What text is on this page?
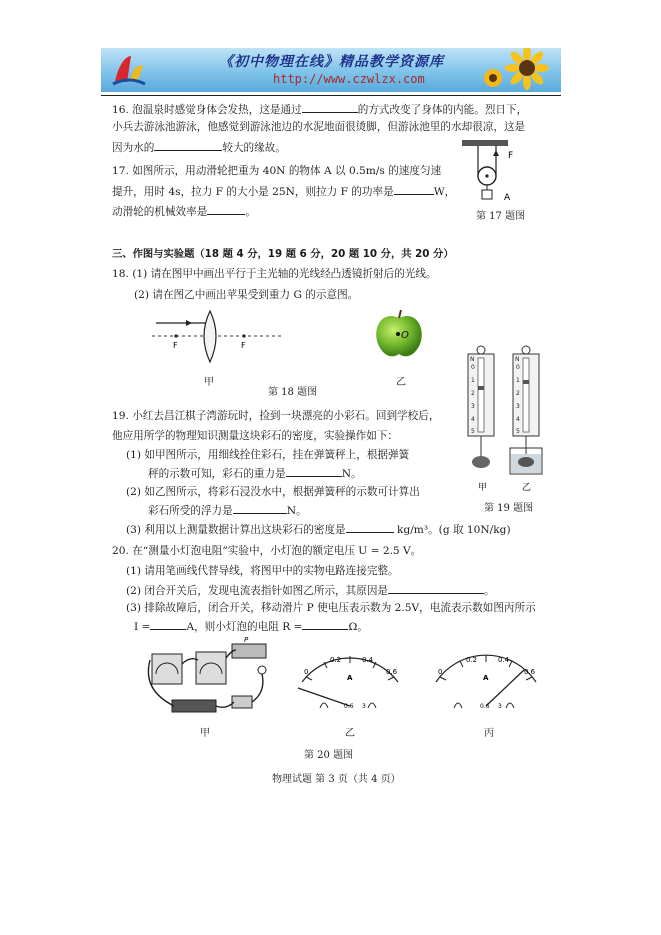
《初中物理在线》精品教学资源库
http://www.czwlzx.com
16. 泡温泉时感觉身体会发热，这是通过	的方式改变了身体的内能。烈日下，
小兵去游泳池游泳，他感觉到游泳池边的水泥地面很烫脚，但游泳池里的水却很凉，这是
因为水的	较大的缘故。
17. 如图所示，用动滑轮把重为 40N 的物体 A 以 0.5m/s 的速度匀速
提升，用时 4s，拉力 F 的大小是 25N，则拉力 F 的功率是	W，
动滑轮的机械效率是	。
F
A
第 17 题图
三、作图与实验题（18 题 4 分，19 题 6 分，20 题 10 分，共 20 分）
18. (1) 请在图甲中画出平行于主光轴的光线经凸透镜折射后的光线。
(2) 请在图乙中画出苹果受到重力 G 的示意图。
F	F
甲
第 18 题图
O
乙
N
0
1
2
3
4
5
N
0
1
2
3
4
5
甲	乙
第 19 题图
19. 小红去昌江棋子湾游玩时，捡到一块漂亮的小彩石。回到学校后，
他应用所学的物理知识测量这块彩石的密度，实验操作如下：
(1) 如甲图所示，用细线拴住彩石，挂在弹簧秤上，根据弹簧
秤的示数可知，彩石的重力是	N。
(2) 如乙图所示，将彩石浸没水中，根据弹簧秤的示数可计算出
彩石所受的浮力是	N。
(3) 利用以上测量数据计算出这块彩石的密度是	kg/m³。(g 取 10N/kg)
20. 在“测量小灯泡电阻”实验中，小灯泡的额定电压 U = 2.5 V。
(1) 请用笔画线代替导线，将图甲中的实物电路连接完整。
(2) 闭合开关后，发现电流表指针如图乙所示，其原因是	。
(3) 排除故障后，闭合开关，移动滑片 P 使电压表示数为 2.5V，电流表示数如图丙所示
I =	A，则小灯泡的电阻 R =	Ω。
P
0
0.2	0.4
0.6
A
0.6 3
0
0.2	0.4
0.6
A
0.6 3
甲	乙	丙
第 20 题图
物理试题 第 3 页（共 4 页）
